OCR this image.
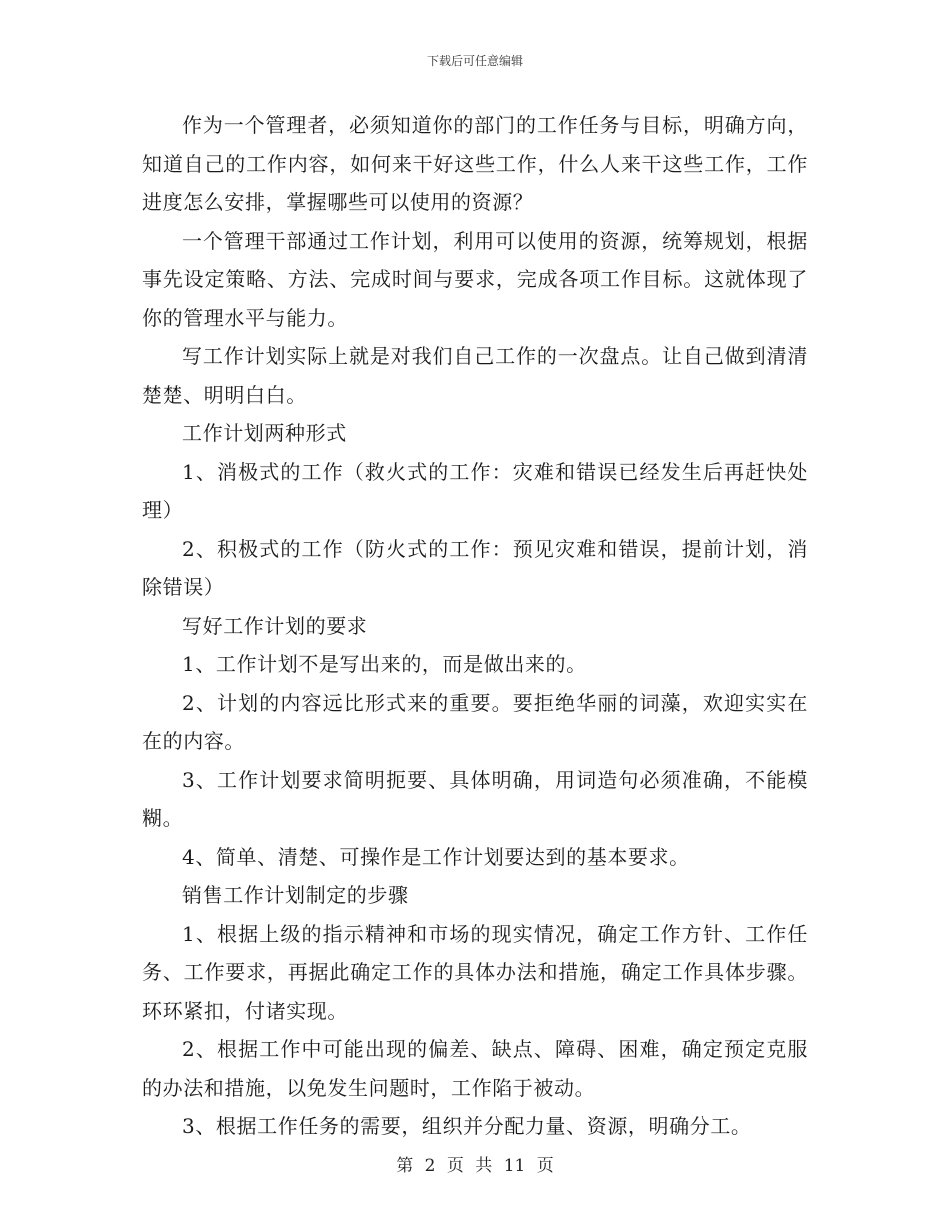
下载后可任意编辑

作为一个管理者，必须知道你的部门的工作任务与目标，明确方向，知道自己的工作内容，如何来干好这些工作，什么人来干这些工作，工作进度怎么安排，掌握哪些可以使用的资源？

一个管理干部通过工作计划，利用可以使用的资源，统筹规划，根据事先设定策略、方法、完成时间与要求，完成各项工作目标。这就体现了你的管理水平与能力。

写工作计划实际上就是对我们自己工作的一次盘点。让自己做到清清楚楚、明明白白。

工作计划两种形式

1、消极式的工作（救火式的工作：灾难和错误已经发生后再赶快处理）

2、积极式的工作（防火式的工作：预见灾难和错误，提前计划，消除错误）

写好工作计划的要求

1、工作计划不是写出来的，而是做出来的。

2、计划的内容远比形式来的重要。要拒绝华丽的词藻，欢迎实实在在的内容。

3、工作计划要求简明扼要、具体明确，用词造句必须准确，不能模糊。

4、简单、清楚、可操作是工作计划要达到的基本要求。

销售工作计划制定的步骤

1、根据上级的指示精神和市场的现实情况，确定工作方针、工作任务、工作要求，再据此确定工作的具体办法和措施，确定工作具体步骤。环环紧扣，付诸实现。

2、根据工作中可能出现的偏差、缺点、障碍、困难，确定预定克服的办法和措施，以免发生问题时，工作陷于被动。

3、根据工作任务的需要，组织并分配力量、资源，明确分工。

第 2 页 共 11 页
